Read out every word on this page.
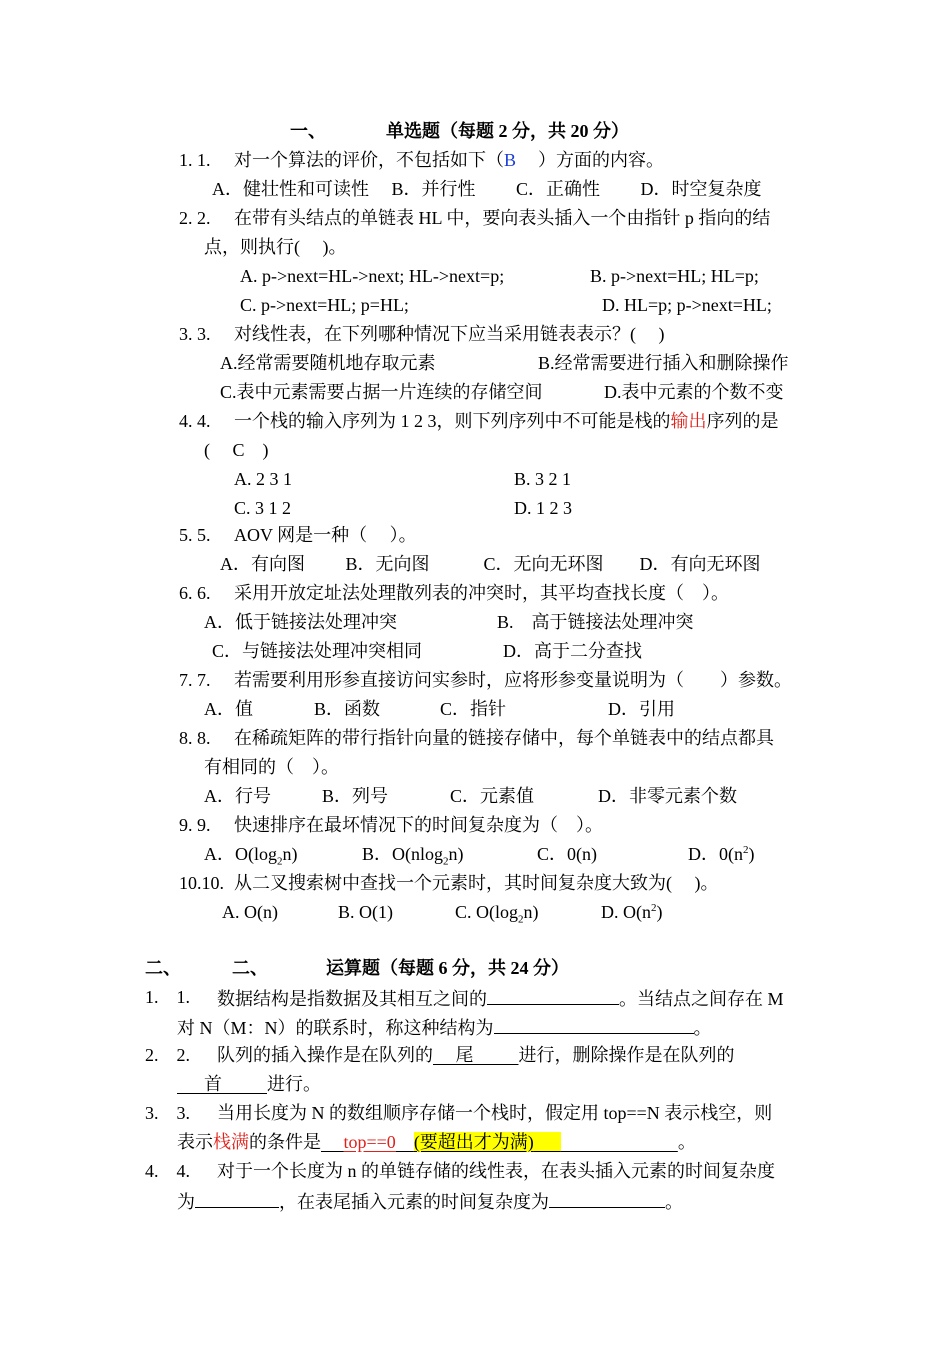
一、	单选题（每题 2 分，共 20 分）
1. 1. 对一个算法的评价，不包括如下（B ）方面的内容。
A．健壮性和可读性　 B．并行性　　 C．正确性　　 D．时空复杂度
2. 2. 在带有头结点的单链表 HL 中，要向表头插入一个由指针 p 指向的结
点，则执行(　 )。
A. p->next=HL->next; HL->next=p;	B. p->next=HL; HL=p;
C. p->next=HL; p=HL;	D. HL=p; p->next=HL;
3. 3. 对线性表，在下列哪种情况下应当采用链表表示？(　 )
A.经常需要随机地存取元素	B.经常需要进行插入和删除操作
C.表中元素需要占据一片连续的存储空间	D.表中元素的个数不变
4. 4. 一个栈的输入序列为 1 2 3，则下列序列中不可能是栈的输出序列的是
(　 C　)
A. 2 3 1	B. 3 2 1
C. 3 1 2	D. 1 2 3
5. 5. AOV 网是一种（　 ）。
A．有向图　　 B．无向图　　　C．无向无环图　　D．有向无环图
6. 6. 采用开放定址法处理散列表的冲突时，其平均查找长度（　）。
A．低于链接法处理冲突	B.　高于链接法处理冲突
C．与链接法处理冲突相同	D．高于二分查找
7. 7. 若需要利用形参直接访问实参时，应将形参变量说明为（　　）参数。
A．值	B．函数	C．指针	D．引用
8. 8. 在稀疏矩阵的带行指针向量的链接存储中，每个单链表中的结点都具
有相同的（　）。
A．行号	B．列号	C．元素值	D．非零元素个数
9. 9. 快速排序在最坏情况下的时间复杂度为（　）。
A．$O(\log_2n)$	B．O(nlog$_2$n)	C．0(n)	D．$0(n^2)$
10.10. 从二叉搜索树中查找一个元素时，其时间复杂度大致为(　 )。
A. O(n)	B. O(1)	C. $O(\log_2n)$	D. $O(n^2)$
二、	二、	运算题（每题 6 分，共 24 分）
1.　1. 数据结构是指数据及其相互之间的	。当结点之间存在 M
对 N（M：N）的联系时，称这种结构为	。
2.　2. 队列的插入操作是在队列的 尾	进行，删除操作是在队列的
首	进行。
3.　3. 当用长度为 N 的数组顺序存储一个栈时，假定用 top==N 表示栈空，则
表示栈满的条件是 top==0 (要超出才为满)	。
4.　4. 对于一个长度为 n 的单链存储的线性表，在表头插入元素的时间复杂度
为	，在表尾插入元素的时间复杂度为	。
